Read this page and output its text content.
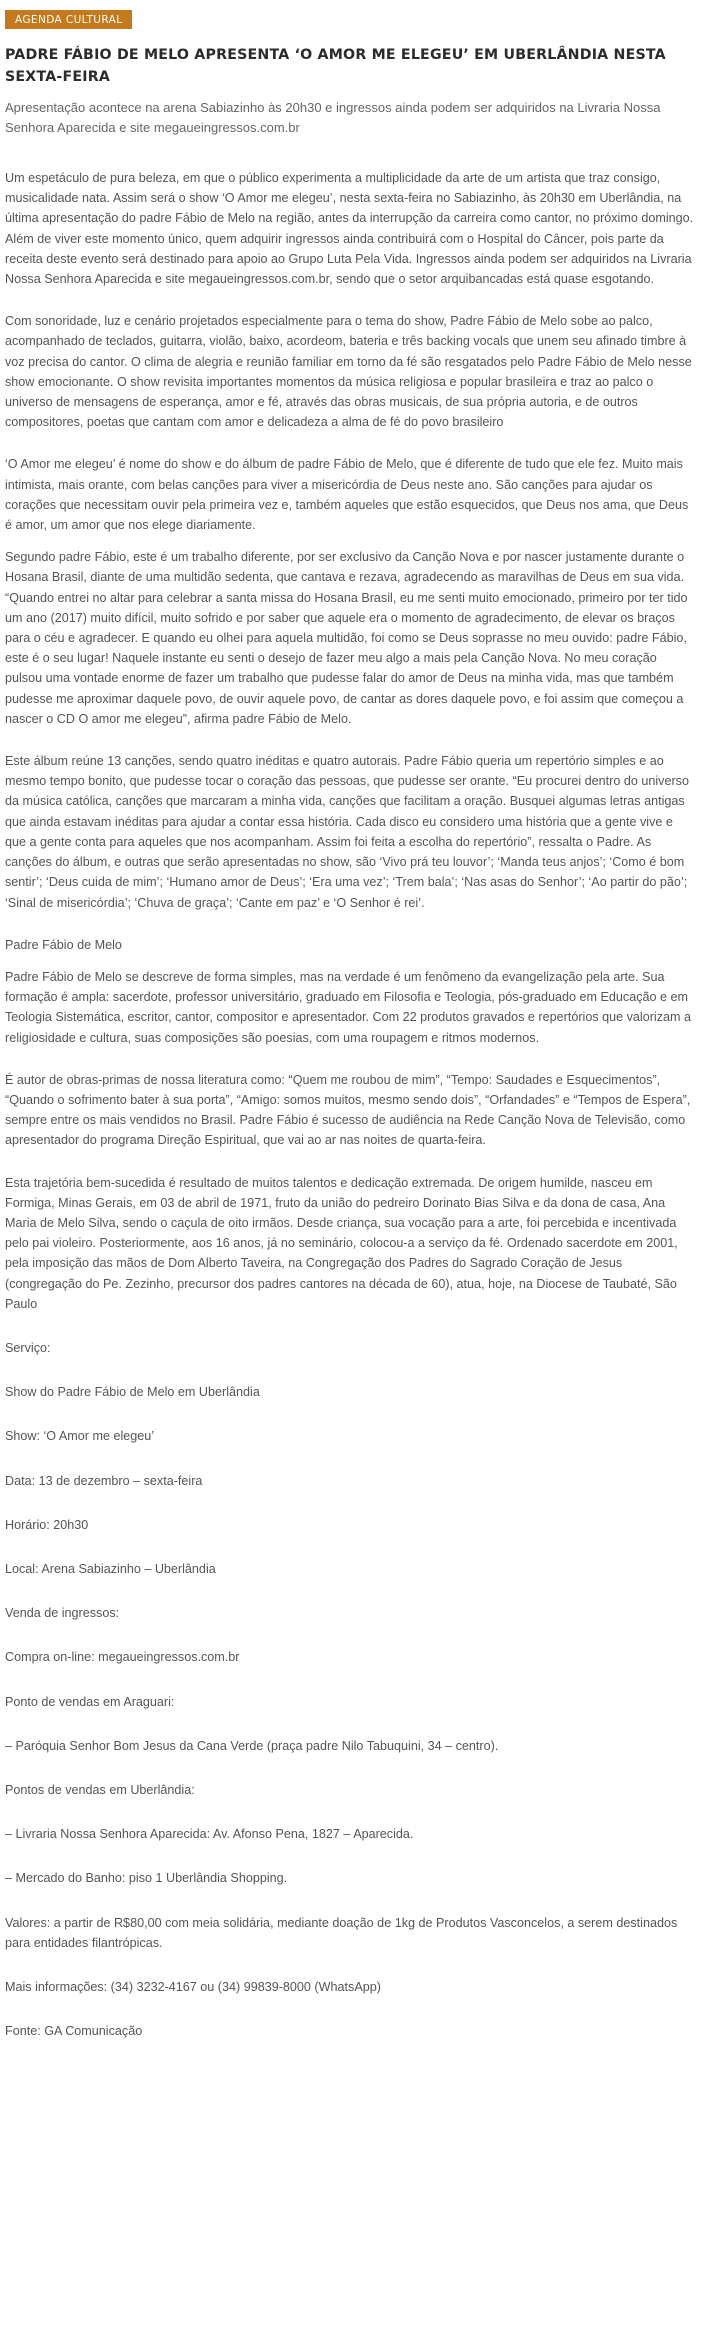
AGENDA CULTURAL
PADRE FÁBIO DE MELO APRESENTA ‘O AMOR ME ELEGEU’ EM UBERLÂNDIA NESTA SEXTA-FEIRA

Apresentação acontece na arena Sabiazinho às 20h30 e ingressos ainda podem ser adquiridos na Livraria Nossa Senhora Aparecida e site megaueingressos.com.br

Um espetáculo de pura beleza, em que o público experimenta a multiplicidade da arte de um artista que traz consigo, musicalidade nata. Assim será o show ‘O Amor me elegeu’, nesta sexta-feira no Sabiazinho, às 20h30 em Uberlândia, na última apresentação do padre Fábio de Melo na região, antes da interrupção da carreira como cantor, no próximo domingo. Além de viver este momento único, quem adquirir ingressos ainda contribuirá com o Hospital do Câncer, pois parte da receita deste evento será destinado para apoio ao Grupo Luta Pela Vida. Ingressos ainda podem ser adquiridos na Livraria Nossa Senhora Aparecida e site megaueingressos.com.br, sendo que o setor arquibancadas está quase esgotando.

Com sonoridade, luz e cenário projetados especialmente para o tema do show, Padre Fábio de Melo sobe ao palco, acompanhado de teclados, guitarra, violão, baixo, acordeom, bateria e três backing vocals que unem seu afinado timbre à voz precisa do cantor. O clima de alegria e reunião familiar em torno da fé são resgatados pelo Padre Fábio de Melo nesse show emocionante. O show revisita importantes momentos da música religiosa e popular brasileira e traz ao palco o universo de mensagens de esperança, amor e fé, através das obras musicais, de sua própria autoria, e de outros compositores, poetas que cantam com amor e delicadeza a alma de fé do povo brasileiro

‘O Amor me elegeu’ é nome do show e do álbum de padre Fábio de Melo, que é diferente de tudo que ele fez. Muito mais intimista, mais orante, com belas canções para viver a misericórdia de Deus neste ano. São canções para ajudar os corações que necessitam ouvir pela primeira vez e, também aqueles que estão esquecidos, que Deus nos ama, que Deus é amor, um amor que nos elege diariamente.

Segundo padre Fábio, este é um trabalho diferente, por ser exclusivo da Canção Nova e por nascer justamente durante o Hosana Brasil, diante de uma multidão sedenta, que cantava e rezava, agradecendo as maravilhas de Deus em sua vida. “Quando entrei no altar para celebrar a santa missa do Hosana Brasil, eu me senti muito emocionado, primeiro por ter tido um ano (2017) muito difícil, muito sofrido e por saber que aquele era o momento de agradecimento, de elevar os braços para o céu e agradecer. E quando eu olhei para aquela multidão, foi como se Deus soprasse no meu ouvido: padre Fábio, este é o seu lugar! Naquele instante eu senti o desejo de fazer meu algo a mais pela Canção Nova. No meu coração pulsou uma vontade enorme de fazer um trabalho que pudesse falar do amor de Deus na minha vida, mas que também pudesse me aproximar daquele povo, de ouvir aquele povo, de cantar as dores daquele povo, e foi assim que começou a nascer o CD O amor me elegeu”, afirma padre Fábio de Melo.

Este álbum reúne 13 canções, sendo quatro inéditas e quatro autorais. Padre Fábio queria um repertório simples e ao mesmo tempo bonito, que pudesse tocar o coração das pessoas, que pudesse ser orante. “Eu procurei dentro do universo da música católica, canções que marcaram a minha vida, canções que facilitam a oração. Busquei algumas letras antigas que ainda estavam inéditas para ajudar a contar essa história. Cada disco eu considero uma história que a gente vive e que a gente conta para aqueles que nos acompanham. Assim foi feita a escolha do repertório”, ressalta o Padre. As canções do álbum, e outras que serão apresentadas no show, são ‘Vivo prá teu louvor’; ‘Manda teus anjos’; ‘Como é bom sentir’; ‘Deus cuida de mim’; ‘Humano amor de Deus’; ‘Era uma vez’; ‘Trem bala’; ‘Nas asas do Senhor’; ‘Ao partir do pão’; ‘Sinal de misericórdia’; ‘Chuva de graça’; ‘Cante em paz’ e ‘O Senhor é rei’.

Padre Fábio de Melo

Padre Fábio de Melo se descreve de forma simples, mas na verdade é um fenômeno da evangelização pela arte. Sua formação é ampla: sacerdote, professor universitário, graduado em Filosofia e Teologia, pós-graduado em Educação e em Teologia Sistemática, escritor, cantor, compositor e apresentador. Com 22 produtos gravados e repertórios que valorizam a religiosidade e cultura, suas composições são poesias, com uma roupagem e ritmos modernos.

É autor de obras-primas de nossa literatura como: “Quem me roubou de mim”, “Tempo: Saudades e Esquecimentos”, “Quando o sofrimento bater à sua porta”, “Amigo: somos muitos, mesmo sendo dois”, “Orfandades” e “Tempos de Espera”, sempre entre os mais vendidos no Brasil. Padre Fábio é sucesso de audiência na Rede Canção Nova de Televisão, como apresentador do programa Direção Espiritual, que vai ao ar nas noites de quarta-feira.

Esta trajetória bem-sucedida é resultado de muitos talentos e dedicação extremada. De origem humilde, nasceu em Formiga, Minas Gerais, em 03 de abril de 1971, fruto da união do pedreiro Dorinato Bias Silva e da dona de casa, Ana Maria de Melo Silva, sendo o caçula de oito irmãos. Desde criança, sua vocação para a arte, foi percebida e incentivada pelo pai violeiro. Posteriormente, aos 16 anos, já no seminário, colocou-a a serviço da fé. Ordenado sacerdote em 2001, pela imposição das mãos de Dom Alberto Taveira, na Congregação dos Padres do Sagrado Coração de Jesus (congregação do Pe. Zezinho, precursor dos padres cantores na década de 60), atua, hoje, na Diocese de Taubaté, São Paulo

Serviço:

Show do Padre Fábio de Melo em Uberlândia

Show: ‘O Amor me elegeu’

Data: 13 de dezembro – sexta-feira

Horário: 20h30

Local: Arena Sabiazinho – Uberlândia

Venda de ingressos:

Compra on-line: megaueingressos.com.br

Ponto de vendas em Araguari:

– Paróquia Senhor Bom Jesus da Cana Verde (praça padre Nilo Tabuquini, 34 – centro).

Pontos de vendas em Uberlândia:

– Livraria Nossa Senhora Aparecida: Av. Afonso Pena, 1827 – Aparecida.

– Mercado do Banho: piso 1 Uberlândia Shopping.

Valores: a partir de R$80,00 com meia solidária, mediante doação de 1kg de Produtos Vasconcelos, a serem destinados para entidades filantrópicas.

Mais informações: (34) 3232-4167 ou (34) 99839-8000 (WhatsApp)

Fonte: GA Comunicação
